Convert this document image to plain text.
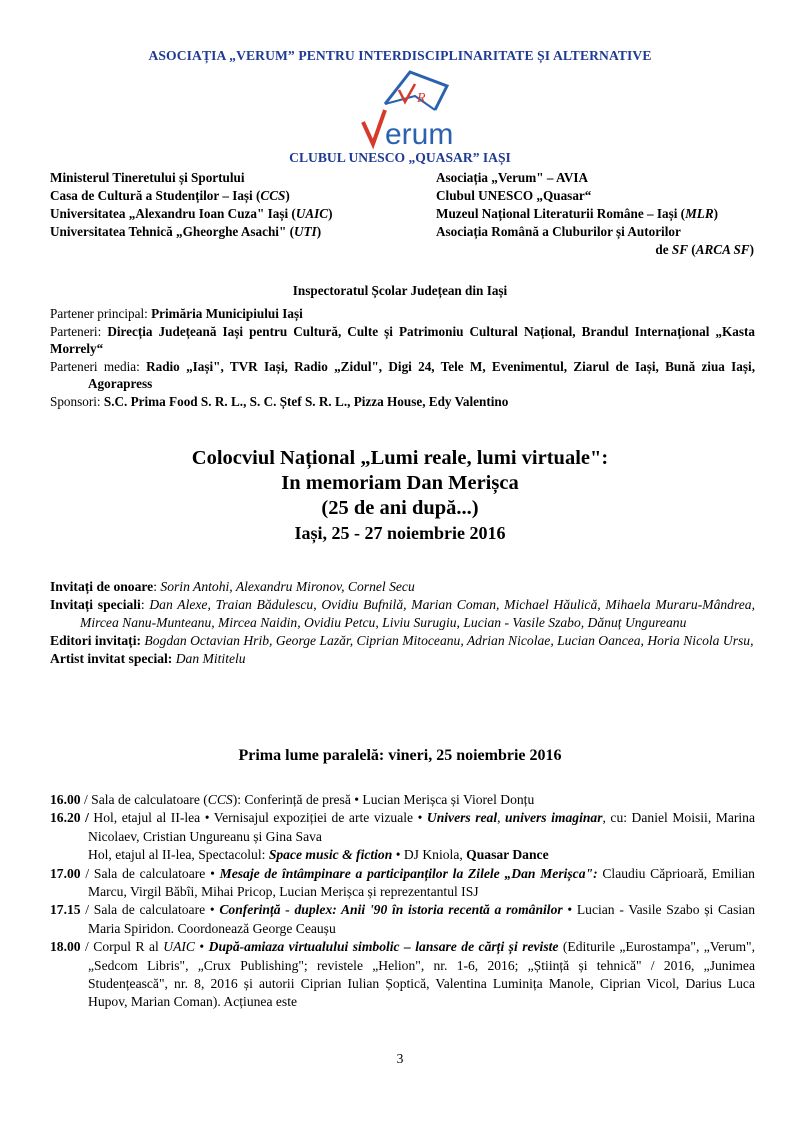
ASOCIAȚIA „VERUM” PENTRU INTERDISCIPLINARITATE ȘI ALTERNATIVE
R
erum
CLUBUL UNESCO „QUASAR” IAȘI
Ministerul Tineretului și Sportului
Casa de Cultură a Studenților – Iași (CCS)
Universitatea „Alexandru Ioan Cuza" Iași (UAIC)
Universitatea Tehnică „Gheorghe Asachi" (UTI)
Asociația „Verum" – AVIA
Clubul UNESCO „Quasar“
Muzeul Național Literaturii Române – Iași (MLR)
Asociația Română a Cluburilor și Autorilor
de SF (ARCA SF)
Inspectoratul Școlar Județean din Iași

Partener principal: Primăria Municipiului Iași

Parteneri: Direcția Județeană Iași pentru Cultură, Culte și Patrimoniu Cultural Național, Brandul Internațional „Kasta Morrely“

Parteneri media: Radio „Iași", TVR Iași, Radio „Zidul", Digi 24, Tele M, Evenimentul, Ziarul de Iași, Bună ziua Iași, Agorapress

Sponsori: S.C. Prima Food S. R. L., S. C. Ștef S. R. L., Pizza House, Edy Valentino

Colocviul Național „Lumi reale, lumi virtuale":
In memoriam Dan Merișca
(25 de ani după...)
Iași, 25 - 27 noiembrie 2016

Invitați de onoare: Sorin Antohi, Alexandru Mironov, Cornel Secu

Invitați speciali: Dan Alexe, Traian Bădulescu, Ovidiu Bufnilă, Marian Coman, Michael Hăulică, Mihaela Muraru-Mândrea, Mircea Nanu-Munteanu, Mircea Naidin, Ovidiu Petcu, Liviu Surugiu, Lucian - Vasile Szabo, Dănuț Ungureanu

Editori invitați: Bogdan Octavian Hrib, George Lazăr, Ciprian Mitoceanu, Adrian Nicolae, Lucian Oancea, Horia Nicola Ursu,

Artist invitat special: Dan Mititelu

Prima lume paralelă: vineri, 25 noiembrie 2016

16.00 / Sala de calculatoare (CCS): Conferință de presă • Lucian Merișca și Viorel Donțu

16.20 / Hol, etajul al II-lea • Vernisajul expoziției de arte vizuale • Univers real, univers imaginar, cu: Daniel Moisii, Marina Nicolaev, Cristian Ungureanu și Gina Sava

Hol, etajul al II-lea, Spectacolul: Space music & fiction • DJ Kniola, Quasar Dance

17.00 / Sala de calculatoare • Mesaje de întâmpinare a participanților la Zilele „Dan Merișca": Claudiu Căprioară, Emilian Marcu, Virgil Băbîi, Mihai Pricop, Lucian Merișca și reprezentantul ISJ

17.15 / Sala de calculatoare • Conferință - duplex: Anii '90 în istoria recentă a românilor • Lucian - Vasile Szabo și Casian Maria Spiridon. Coordonează George Ceaușu

18.00 / Corpul R al UAIC • După-amiaza virtualului simbolic – lansare de cărți și reviste (Editurile „Eurostampa", „Verum", „Sedcom Libris", „Crux Publishing"; revistele „Helion", nr. 1-6, 2016; „Știință și tehnică" / 2016, „Junimea Studențească", nr. 8, 2016 și autorii Ciprian Iulian Șoptică, Valentina Luminița Manole, Ciprian Vicol, Darius Luca Hupov, Marian Coman). Acțiunea este

3
